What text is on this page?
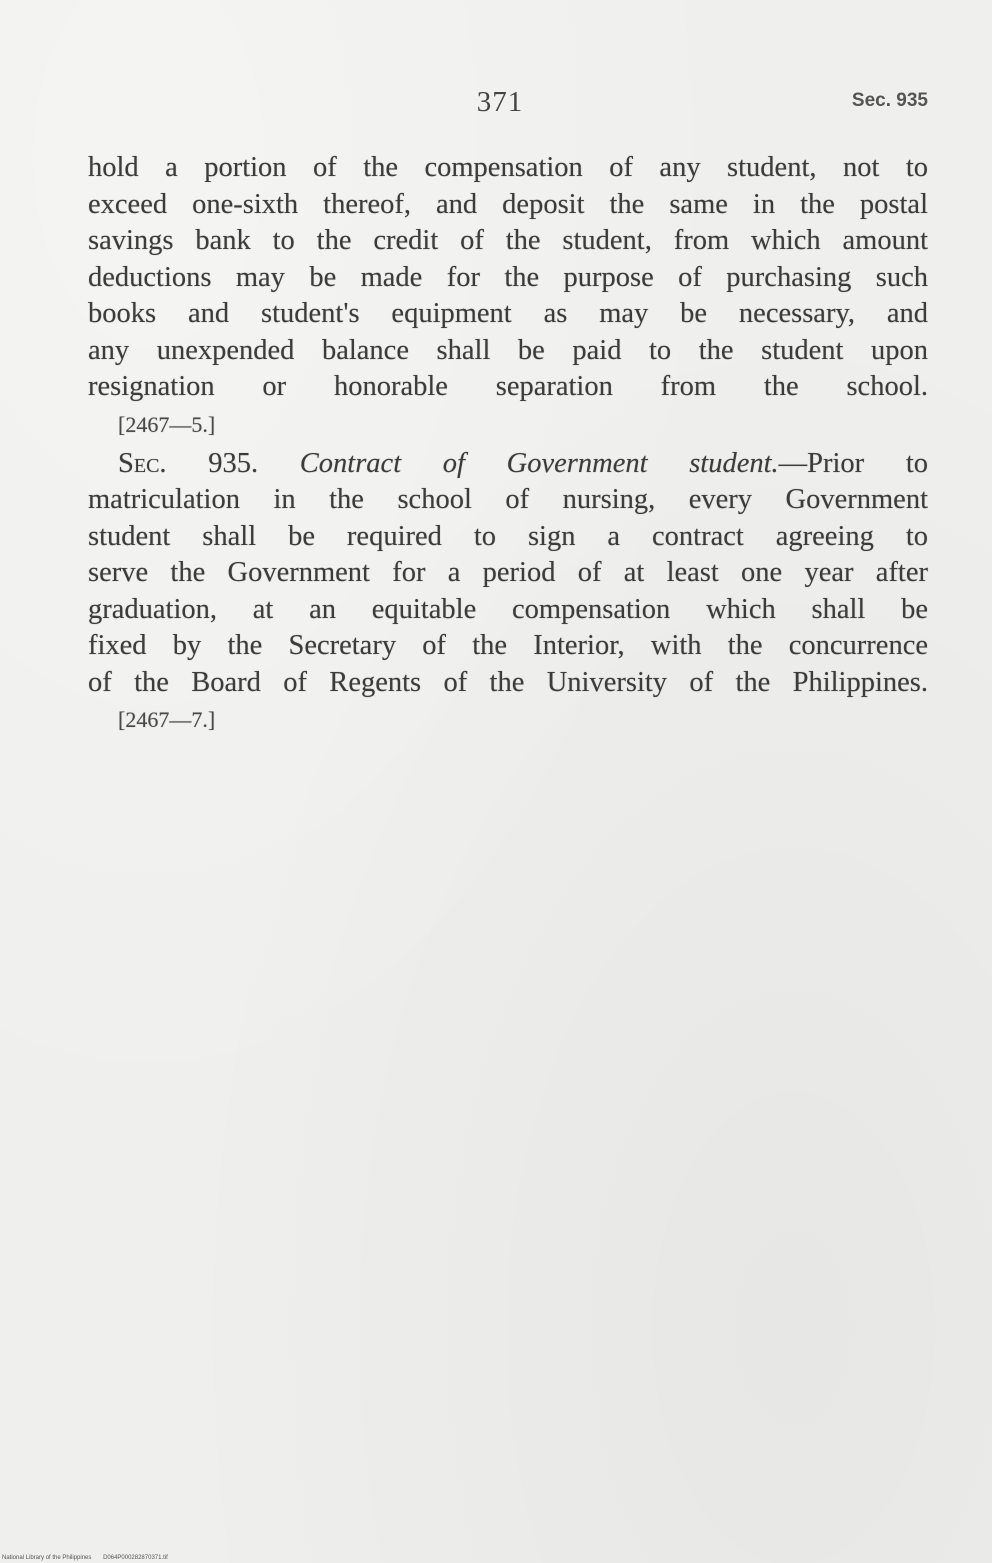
371	Sec. 935
hold a portion of the compensation of any student, not to
exceed one-sixth thereof, and deposit the same in the postal
savings bank to the credit of the student, from which amount
deductions may be made for the purpose of purchasing such
books and student's equipment as may be necessary, and
any unexpended balance shall be paid to the student upon
resignation or honorable separation from the school.
[2467—5.]
Sec. 935. Contract of Government student.—Prior to
matriculation in the school of nursing, every Government
student shall be required to sign a contract agreeing to
serve the Government for a period of at least one year after
graduation, at an equitable compensation which shall be
fixed by the Secretary of the Interior, with the concurrence
of the Board of Regents of the University of the Philippines.
[2467—7.]
National Library of the Philippines D064P000282870371.tif
